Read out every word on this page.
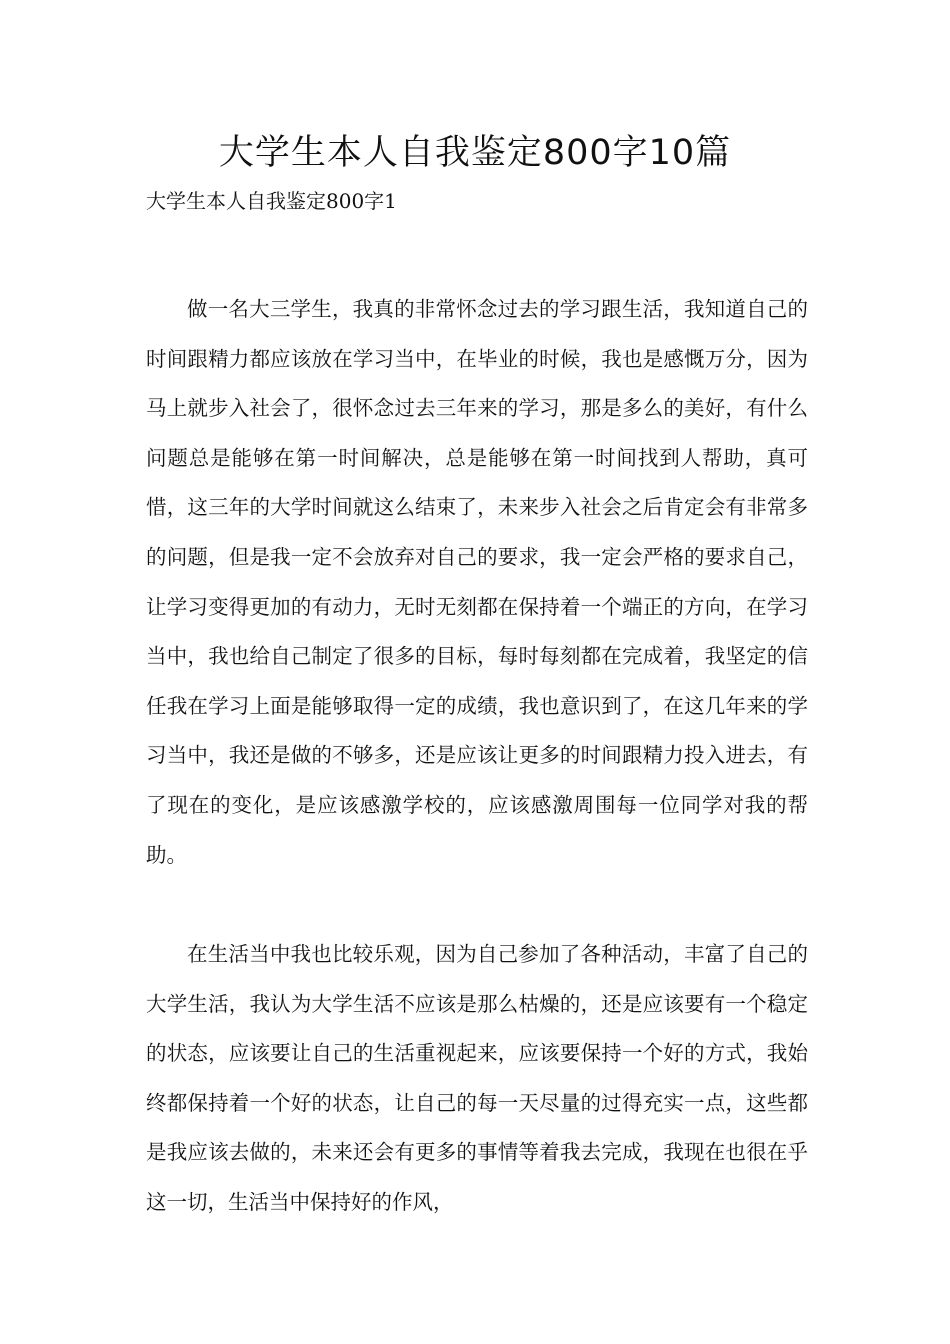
大学生本人自我鉴定800字10篇

大学生本人自我鉴定800字1

做一名大三学生，我真的非常怀念过去的学习跟生活，我知道自己的时间跟精力都应该放在学习当中，在毕业的时候，我也是感慨万分，因为马上就步入社会了，很怀念过去三年来的学习，那是多么的美好，有什么问题总是能够在第一时间解决，总是能够在第一时间找到人帮助，真可惜，这三年的大学时间就这么结束了，未来步入社会之后肯定会有非常多的问题，但是我一定不会放弃对自己的要求，我一定会严格的要求自己，让学习变得更加的有动力，无时无刻都在保持着一个端正的方向，在学习当中，我也给自己制定了很多的目标，每时每刻都在完成着，我坚定的信任我在学习上面是能够取得一定的成绩，我也意识到了，在这几年来的学习当中，我还是做的不够多，还是应该让更多的时间跟精力投入进去，有了现在的变化，是应该感激学校的，应该感激周围每一位同学对我的帮助。

在生活当中我也比较乐观，因为自己参加了各种活动，丰富了自己的大学生活，我认为大学生活不应该是那么枯燥的，还是应该要有一个稳定的状态，应该要让自己的生活重视起来，应该要保持一个好的方式，我始终都保持着一个好的状态，让自己的每一天尽量的过得充实一点，这些都是我应该去做的，未来还会有更多的事情等着我去完成，我现在也很在乎这一切，生活当中保持好的作风，
